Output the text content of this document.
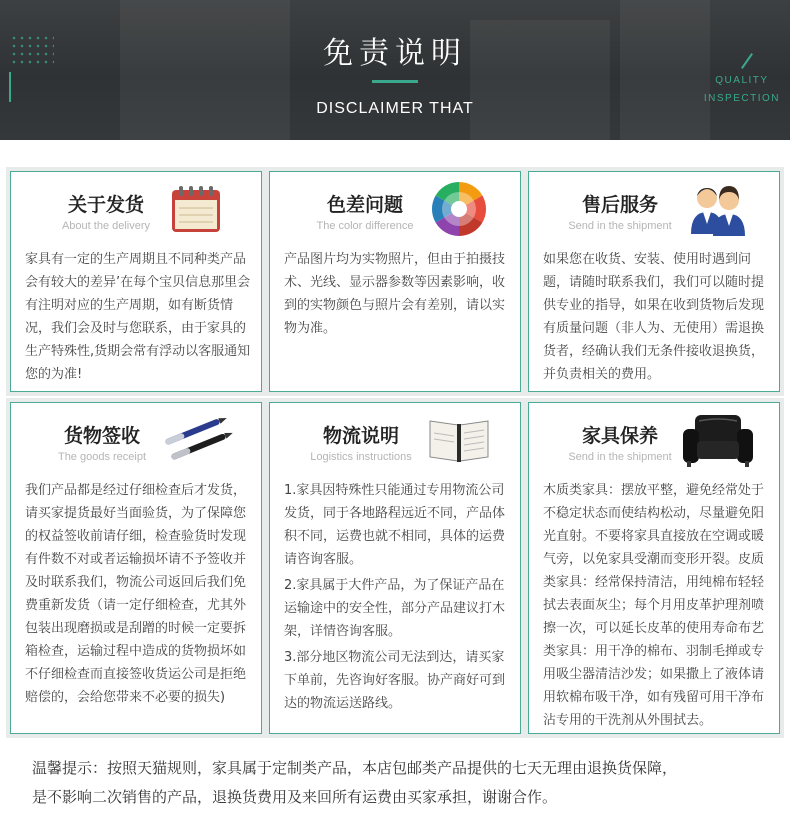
免责说明
DISCLAIMER THAT
QUALITY
INSPECTION
关于发货
About the delivery

家具有一定的生产周期且不同种类产品会有较大的差异’在每个宝贝信息那里会有注明对应的生产周期，如有断货情况，我们会及时与您联系，由于家具的生产特殊性,货期会常有浮动以客服通知您的为准!

色差问题
The color difference

产品图片均为实物照片，但由于拍摄技术、光线、显示器参数等因素影响，收到的实物颜色与照片会有差别，请以实物为准。

售后服务
Send in the shipment

如果您在收货、安装、使用时遇到问题，请随时联系我们，我们可以随时提供专业的指导，如果在收到货物后发现有质量问题（非人为、无使用）需退换货者，经确认我们无条件接收退换货，并负责相关的费用。

货物签收
The goods receipt

我们产品都是经过仔细检查后才发货，请买家提货最好当面验货，为了保障您的权益签收前请仔细，检查验货时发现有件数不对或者运输损坏请不予签收并及时联系我们，物流公司返回后我们免费重新发货（请一定仔细检查，尤其外包装出现磨损或是刮蹭的时候一定要拆箱检查，运输过程中造成的货物损坏如不仔细检查而直接签收货运公司是拒绝赔偿的，会给您带来不必要的损失)

物流说明
Logistics instructions

1.家具因特殊性只能通过专用物流公司发货，同于各地路程远近不同，产品体积不同，运费也就不相同，具体的运费请咨询客服。

2.家具属于大件产品，为了保证产品在运输途中的安全性，部分产品建议打木架，详情咨询客服。

3.部分地区物流公司无法到达，请买家下单前，先咨询好客服。协产商好可到达的物流运送路线。

家具保养
Send in the shipment

木质类家具：摆放平整，避免经常处于不稳定状态而使结构松动，尽量避免阳光直射。不要将家具直接放在空调或暖气旁，以免家具受潮而变形开裂。皮质类家具：经常保持清洁，用纯棉布轻轻拭去表面灰尘；每个月用皮革护理剂喷擦一次，可以延长皮革的使用寿命布艺类家具：用干净的棉布、羽制毛掸或专用吸尘器清洁沙发；如果撒上了液体请用软棉布吸干净，如有残留可用干净布沾专用的干洗剂从外围拭去。

温馨提示：按照天猫规则，家具属于定制类产品，本店包邮类产品提供的七天无理由退换货保障，
是不影响二次销售的产品，退换货费用及来回所有运费由买家承担，谢谢合作。
